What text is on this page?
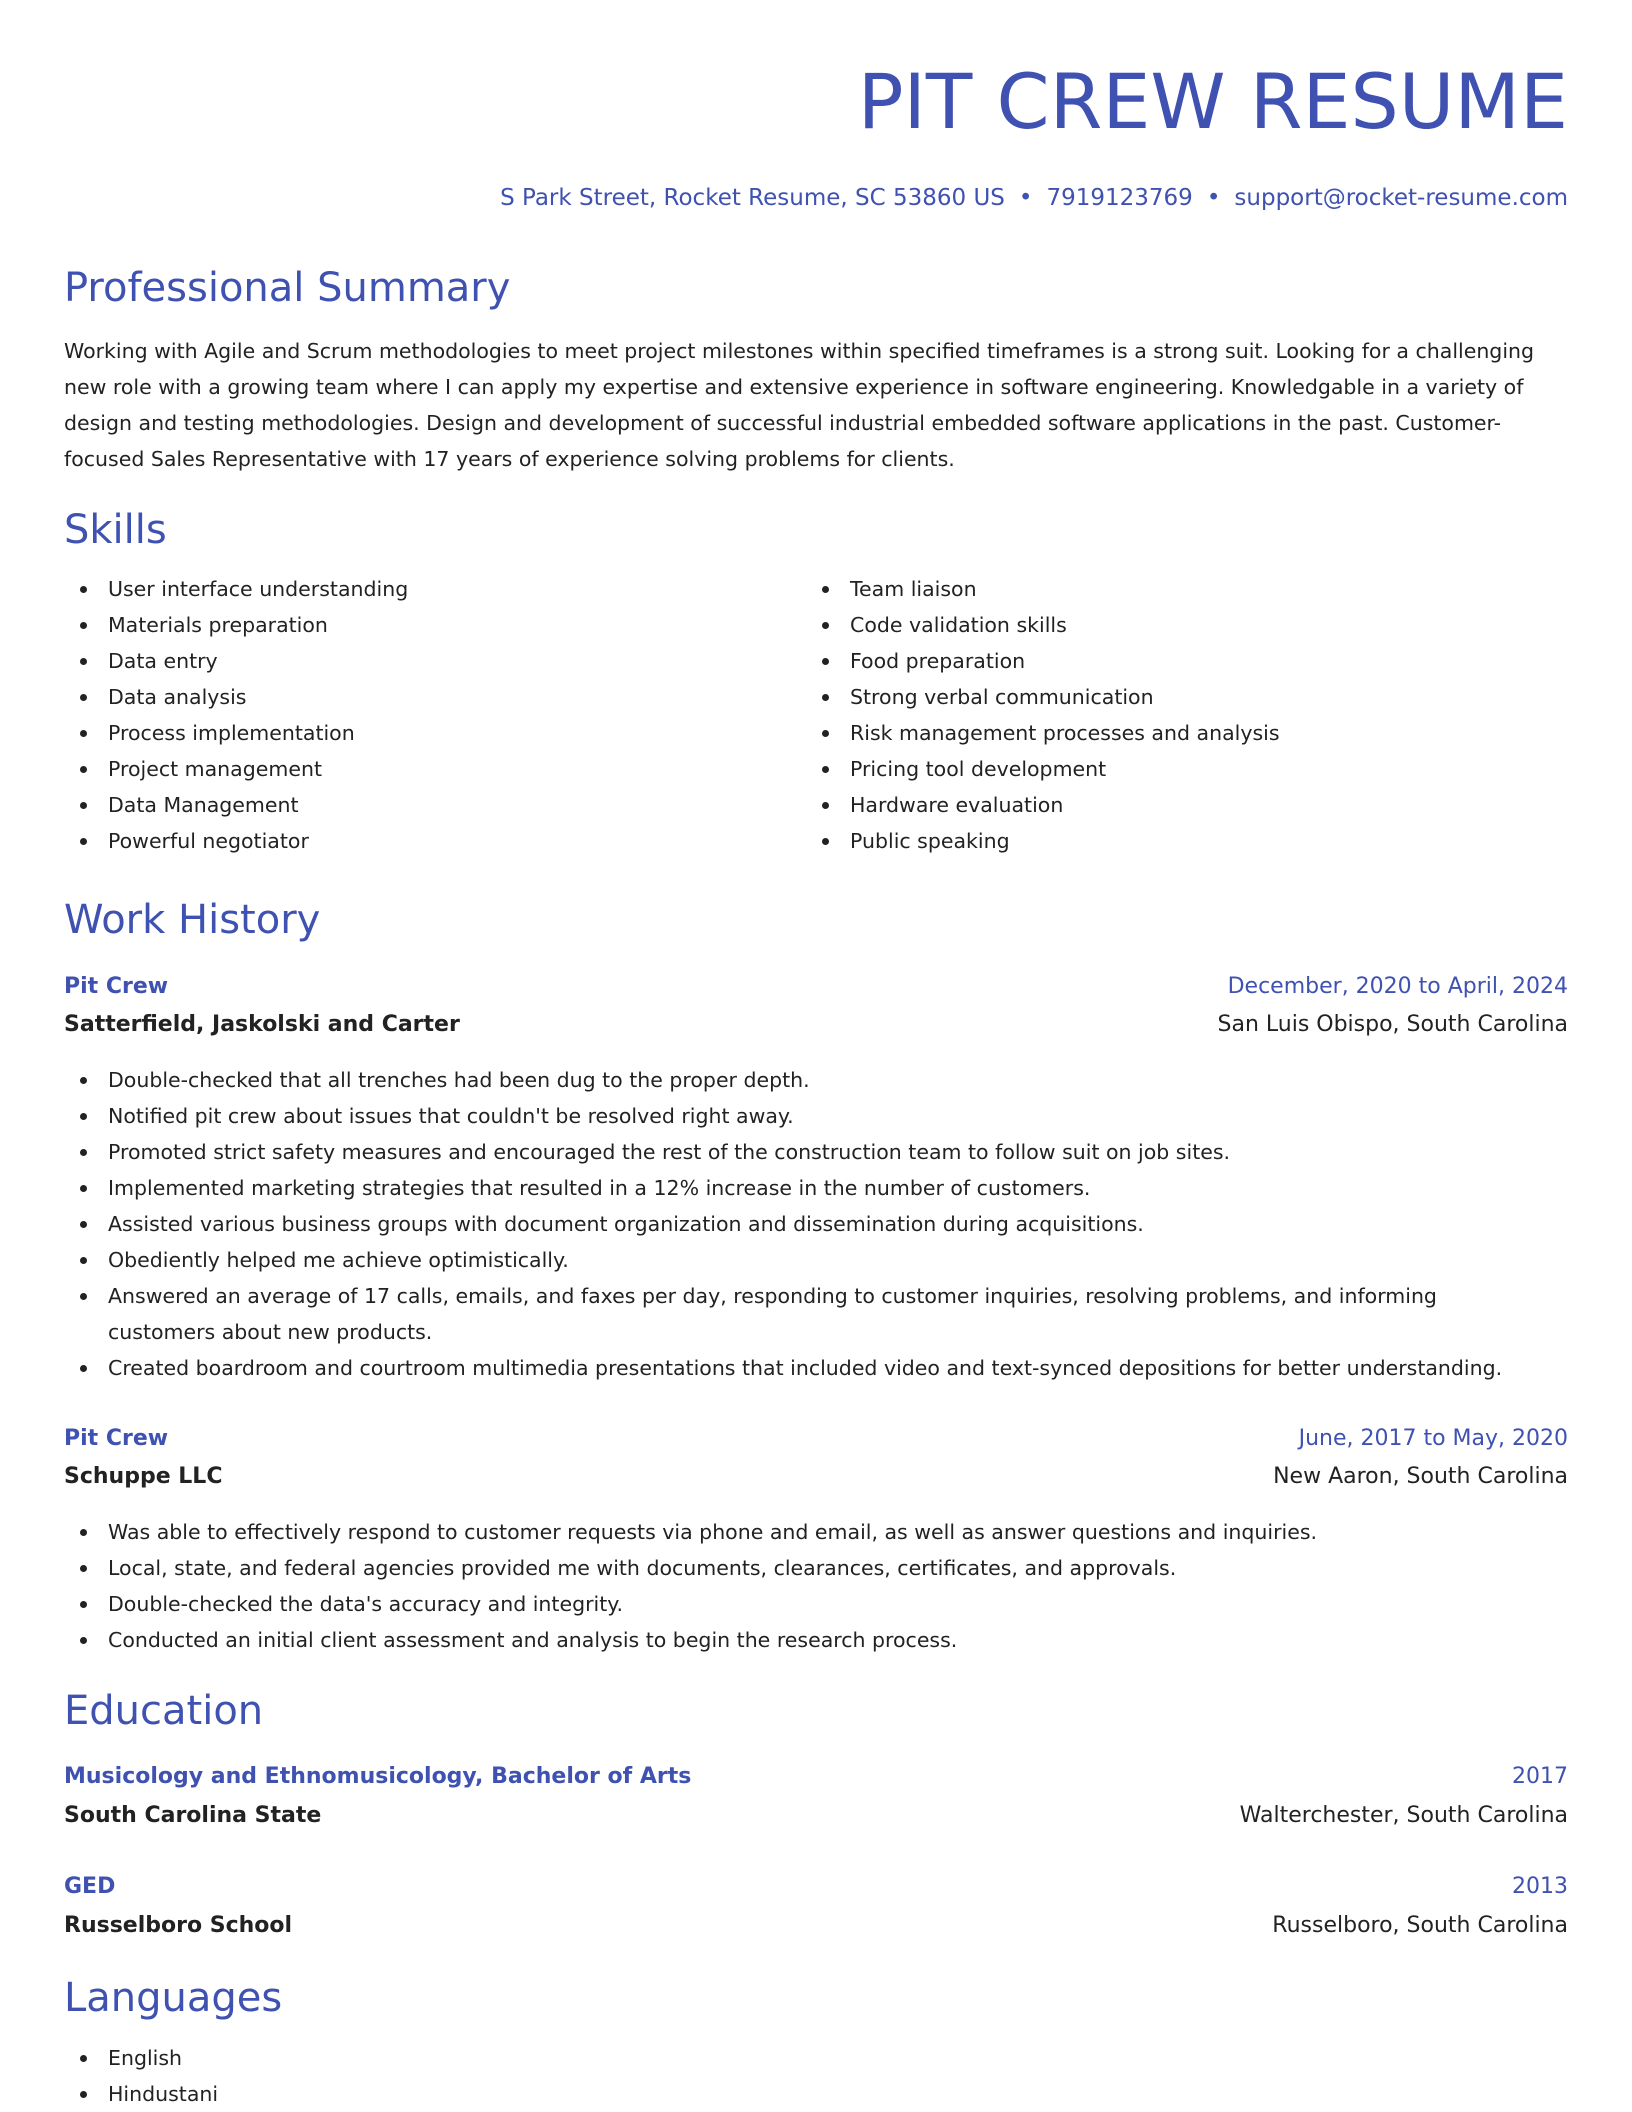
PIT CREW RESUME
S Park Street, Rocket Resume, SC 53860 US • 7919123769 • support@rocket-resume.com
Professional Summary

Working with Agile and Scrum methodologies to meet project milestones within specified timeframes is a strong suit. Looking for a challenging new role with a growing team where I can apply my expertise and extensive experience in software engineering. Knowledgable in a variety of design and testing methodologies. Design and development of successful industrial embedded software applications in the past. Customer-focused Sales Representative with 17 years of experience solving problems for clients.

Skills
User interface understanding
Materials preparation
Data entry
Data analysis
Process implementation
Project management
Data Management
Powerful negotiator
Team liaison
Code validation skills
Food preparation
Strong verbal communication
Risk management processes and analysis
Pricing tool development
Hardware evaluation
Public speaking
Work History
Pit Crew	December, 2020 to April, 2024
Satterfield, Jaskolski and Carter	San Luis Obispo, South Carolina
Double-checked that all trenches had been dug to the proper depth.
Notified pit crew about issues that couldn't be resolved right away.
Promoted strict safety measures and encouraged the rest of the construction team to follow suit on job sites.
Implemented marketing strategies that resulted in a 12% increase in the number of customers.
Assisted various business groups with document organization and dissemination during acquisitions.
Obediently helped me achieve optimistically.
Answered an average of 17 calls, emails, and faxes per day, responding to customer inquiries, resolving problems, and informing customers about new products.
Created boardroom and courtroom multimedia presentations that included video and text-synced depositions for better understanding.
Pit Crew	June, 2017 to May, 2020
Schuppe LLC	New Aaron, South Carolina
Was able to effectively respond to customer requests via phone and email, as well as answer questions and inquiries.
Local, state, and federal agencies provided me with documents, clearances, certificates, and approvals.
Double-checked the data's accuracy and integrity.
Conducted an initial client assessment and analysis to begin the research process.
Education
Musicology and Ethnomusicology, Bachelor of Arts	2017
South Carolina State	Walterchester, South Carolina
GED	2013
Russelboro School	Russelboro, South Carolina
Languages
English
Hindustani
